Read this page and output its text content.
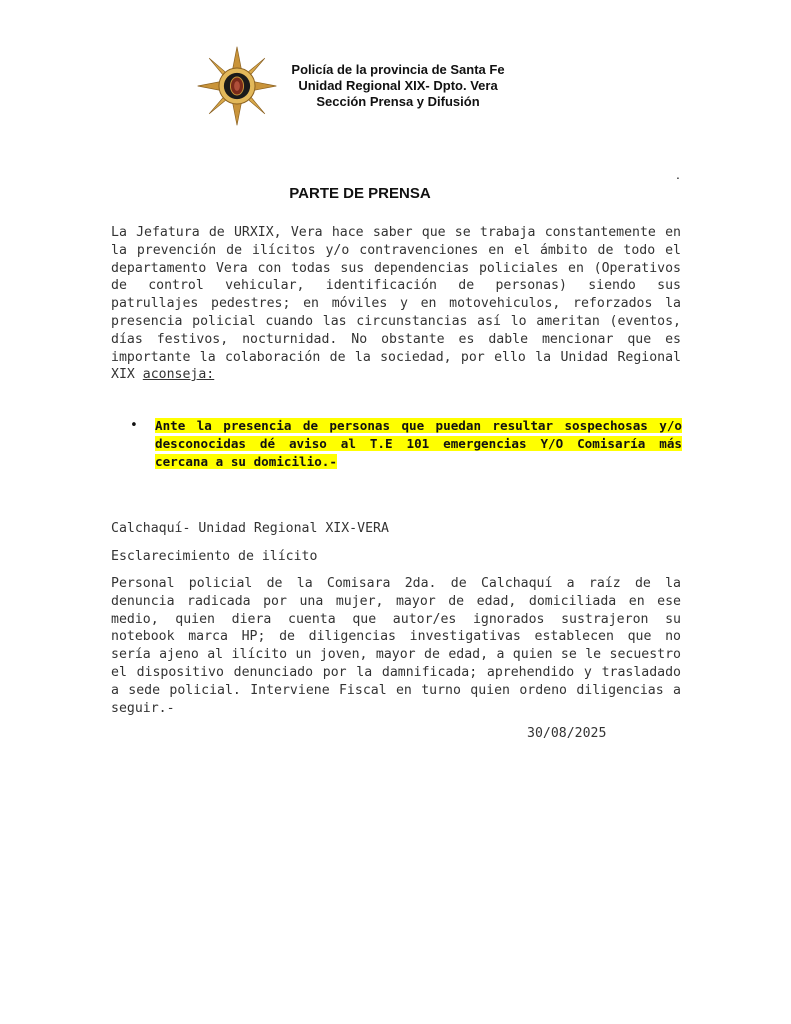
Policía de la provincia de Santa Fe
Unidad Regional XIX- Dpto. Vera
Sección Prensa y Difusión
.
PARTE DE PRENSA
La Jefatura de URXIX, Vera hace saber que se trabaja constantemente en la prevención de ilícitos y/o contravenciones en el ámbito de todo el departamento Vera con todas sus dependencias policiales en (Operativos de control vehicular, identificación de personas) siendo sus patrullajes pedestres; en móviles y en motovehiculos, reforzados la presencia policial cuando las circunstancias así lo ameritan (eventos, días festivos, nocturnidad. No obstante es dable mencionar que es importante la colaboración de la sociedad, por ello la Unidad Regional XIX aconseja:
• Ante la presencia de personas que puedan resultar sospechosas y/o desconocidas dé aviso al T.E 101 emergencias Y/O Comisaría más cercana a su domicilio.-
Calchaquí- Unidad Regional XIX-VERA
Esclarecimiento de ilícito
Personal policial de la Comisara 2da. de Calchaquí a raíz de la denuncia radicada por una mujer, mayor de edad, domiciliada en ese medio, quien diera cuenta que autor/es ignorados sustrajeron su notebook marca HP; de diligencias investigativas establecen que no sería ajeno al ilícito un joven, mayor de edad, a quien se le secuestro el dispositivo denunciado por la damnificada; aprehendido y trasladado a sede policial. Interviene Fiscal en turno quien ordeno diligencias a seguir.-
30/08/2025
